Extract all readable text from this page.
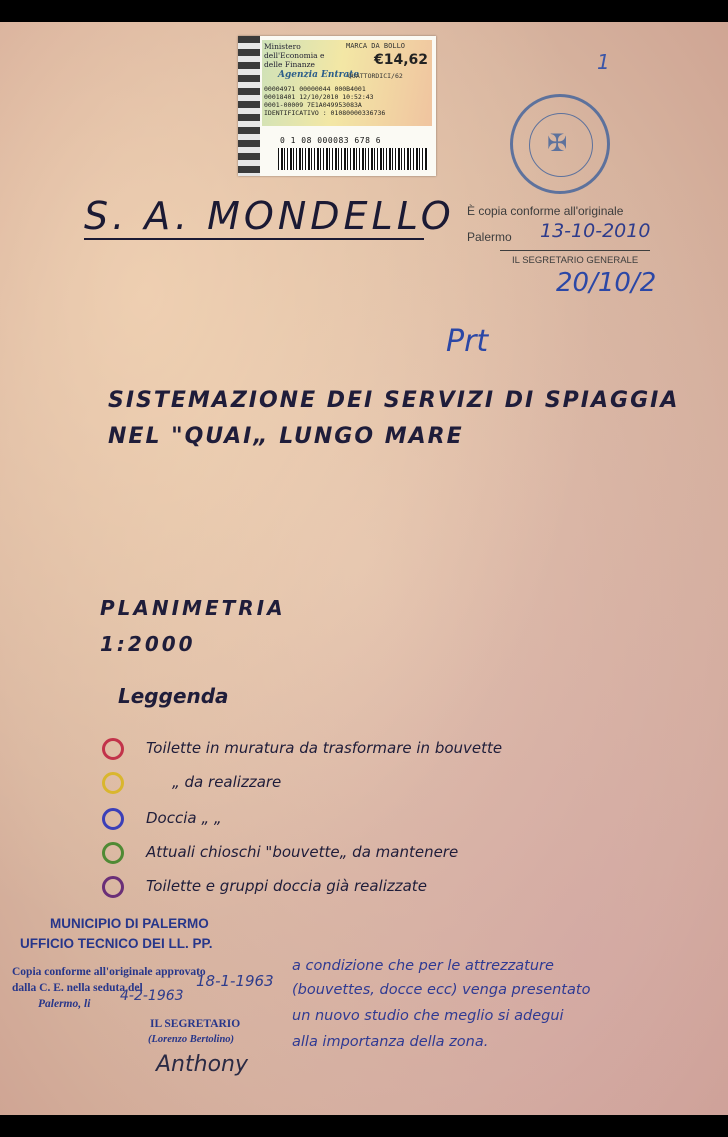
Ministero dell'Economia e delle Finanze
MARCA DA BOLLO
€14,62
Agenzia Entrate
QUATTORDICI/62
00004971 00000044 000B4001
00018401 12/10/2010 10:52:43
0001-00009 7E1A049953083A
IDENTIFICATIVO : 01080000336736
0 1 08 000083 678 6
1
✠
S. A. MONDELLO È copia conforme all'originale
Palermo 13-10-2010
IL SEGRETARIO GENERALE
20/10/2
Prt
SISTEMAZIONE DEI SERVIZI DI SPIAGGIA
NEL "QUAI„ LUNGO MARE
PLANIMETRIA
1:2000
Leggenda
Toilette in muratura da trasformare in bouvette
„ da realizzare
Doccia „ „
Attuali chioschi "bouvette„ da mantenere
Toilette e gruppi doccia già realizzate
MUNICIPIO DI PALERMO
UFFICIO TECNICO DEI LL. PP.
Copia conforme all'originale approvato
dalla C. E. nella seduta del	18-1-1963
Palermo, li 4-2-1963
IL SEGRETARIO
(Lorenzo Bertolino)
Anthony
a condizione che per le attrezzature
(bouvettes, docce ecc) venga presentato
un nuovo studio che meglio si adegui
alla importanza della zona.
